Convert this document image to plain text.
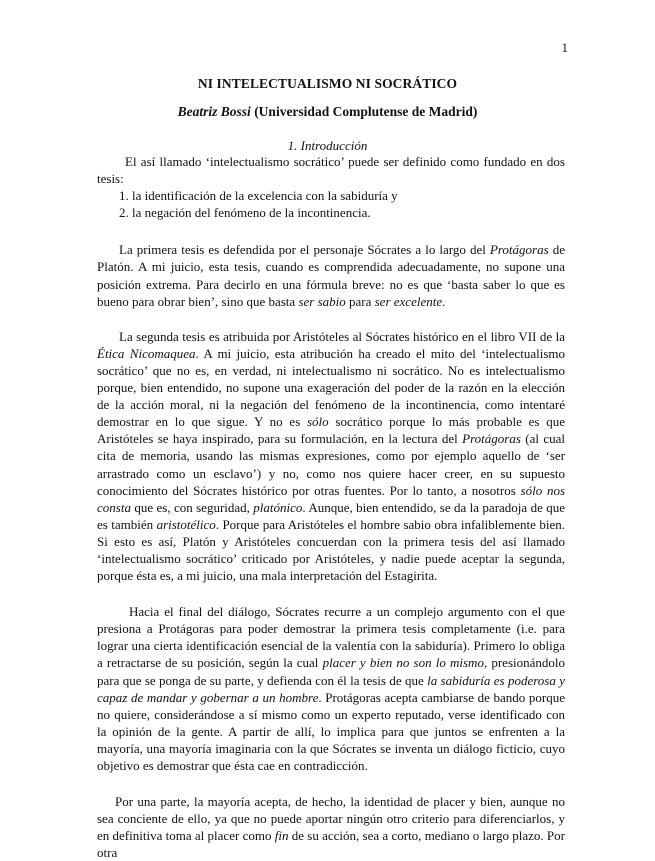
1
NI INTELECTUALISMO NI SOCRÁTICO
Beatriz Bossi (Universidad Complutense de Madrid)
1. Introducción

El así llamado ‘intelectualismo socrático’ puede ser definido como fundado en dos tesis:

1. la identificación de la excelencia con la sabiduría y

2. la negación del fenómeno de la incontinencia.

La primera tesis es defendida por el personaje Sócrates a lo largo del Protágoras de Platón. A mi juicio, esta tesis, cuando es comprendida adecuadamente, no supone una posición extrema. Para decirlo en una fórmula breve: no es que ‘basta saber lo que es bueno para obrar bien’, sino que basta ser sabio para ser excelente.

La segunda tesis es atribuida por Aristóteles al Sócrates histórico en el libro VII de la Ética Nicomaquea. A mi juicio, esta atribución ha creado el mito del ‘intelectualismo socrático’ que no es, en verdad, ni intelectualismo ni socrático. No es intelectualismo porque, bien entendido, no supone una exageración del poder de la razón en la elección de la acción moral, ni la negación del fenómeno de la incontinencia, como intentaré demostrar en lo que sigue. Y no es sólo socrático porque lo más probable es que Aristóteles se haya inspirado, para su formulación, en la lectura del Protágoras (al cual cita de memoria, usando las mismas expresiones, como por ejemplo aquello de ‘ser arrastrado como un esclavo’) y no, como nos quiere hacer creer, en su supuesto conocimiento del Sócrates histórico por otras fuentes. Por lo tanto, a nosotros sólo nos consta que es, con seguridad, platónico. Aunque, bien entendido, se da la paradoja de que es también aristotélico. Porque para Aristóteles el hombre sabio obra infaliblemente bien. Si esto es así, Platón y Aristóteles concuerdan con la primera tesis del así llamado ‘intelectualismo socrático’ criticado por Aristóteles, y nadie puede aceptar la segunda, porque ésta es, a mi juicio, una mala interpretación del Estagirita.

Hacia el final del diálogo, Sócrates recurre a un complejo argumento con el que presiona a Protágoras para poder demostrar la primera tesis completamente (i.e. para lograr una cierta identificación esencial de la valentía con la sabiduría). Primero lo obliga a retractarse de su posición, según la cual placer y bien no son lo mismo, presionándolo para que se ponga de su parte, y defienda con él la tesis de que la sabiduría es poderosa y capaz de mandar y gobernar a un hombre. Protágoras acepta cambiarse de bando porque no quiere, considerándose a sí mismo como un experto reputado, verse identificado con la opinión de la gente. A partir de allí, lo implica para que juntos se enfrenten a la mayoría, una mayoría imaginaria con la que Sócrates se inventa un diálogo ficticio, cuyo objetivo es demostrar que ésta cae en contradicción.

Por una parte, la mayoría acepta, de hecho, la identidad de placer y bien, aunque no sea conciente de ello, ya que no puede aportar ningún otro criterio para diferenciarlos, y en definitiva toma al placer como fin de su acción, sea a corto, mediano o largo plazo. Por otra
